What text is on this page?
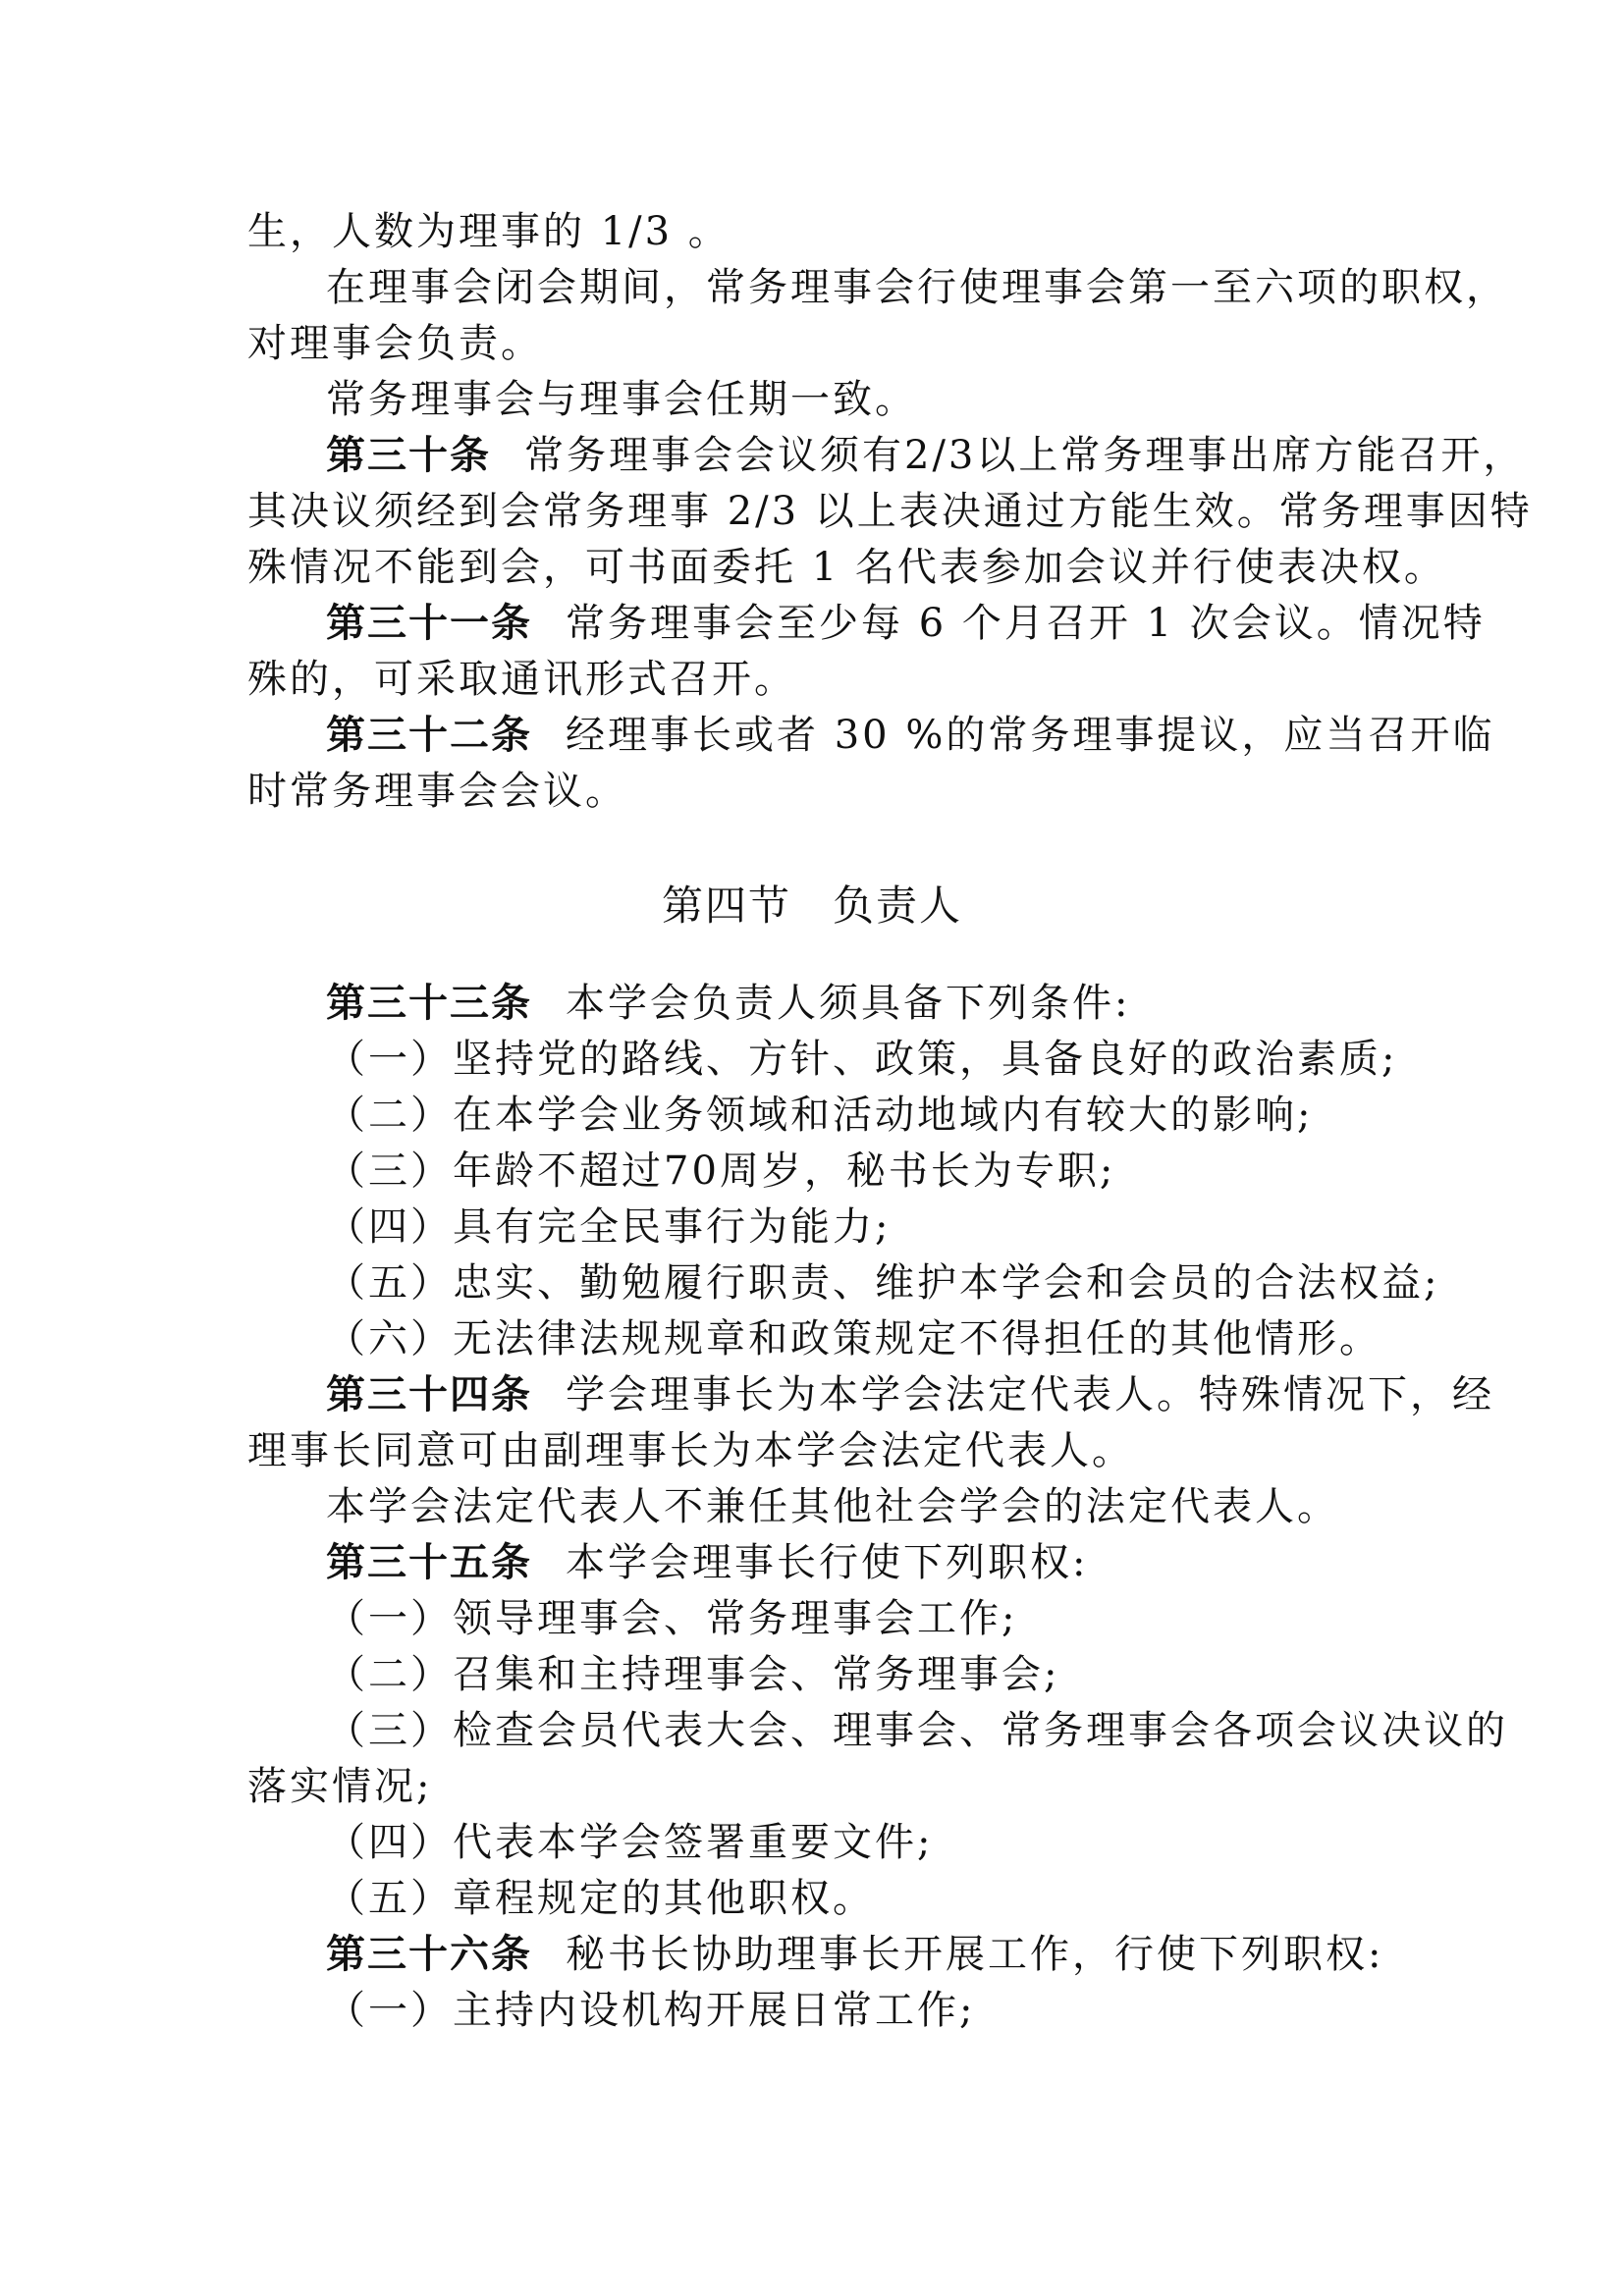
第四节 负责人
生，人数为理事的 1/3 。
在理事会闭会期间，常务理事会行使理事会第一至六项的职权，
对理事会负责。
常务理事会与理事会任期一致。
第三十条 常务理事会会议须有2/3以上常务理事出席方能召开，
其决议须经到会常务理事 2/3 以上表决通过方能生效。常务理事因特
殊情况不能到会，可书面委托 1 名代表参加会议并行使表决权。
第三十一条 常务理事会至少每 6 个月召开 1 次会议。情况特
殊的，可采取通讯形式召开。
第三十二条 经理事长或者 30 %的常务理事提议，应当召开临
时常务理事会会议。
第三十三条 本学会负责人须具备下列条件:
（一）坚持党的路线、方针、政策，具备良好的政治素质;
（二）在本学会业务领域和活动地域内有较大的影响;
（三）年龄不超过70周岁，秘书长为专职;
（四）具有完全民事行为能力;
（五）忠实、勤勉履行职责、维护本学会和会员的合法权益;
（六）无法律法规规章和政策规定不得担任的其他情形。
第三十四条 学会理事长为本学会法定代表人。特殊情况下，经
理事长同意可由副理事长为本学会法定代表人。
本学会法定代表人不兼任其他社会学会的法定代表人。
第三十五条 本学会理事长行使下列职权:
（一）领导理事会、常务理事会工作;
（二）召集和主持理事会、常务理事会;
（三）检查会员代表大会、理事会、常务理事会各项会议决议的
落实情况;
（四）代表本学会签署重要文件;
（五）章程规定的其他职权。
第三十六条 秘书长协助理事长开展工作，行使下列职权:
（一）主持内设机构开展日常工作;
